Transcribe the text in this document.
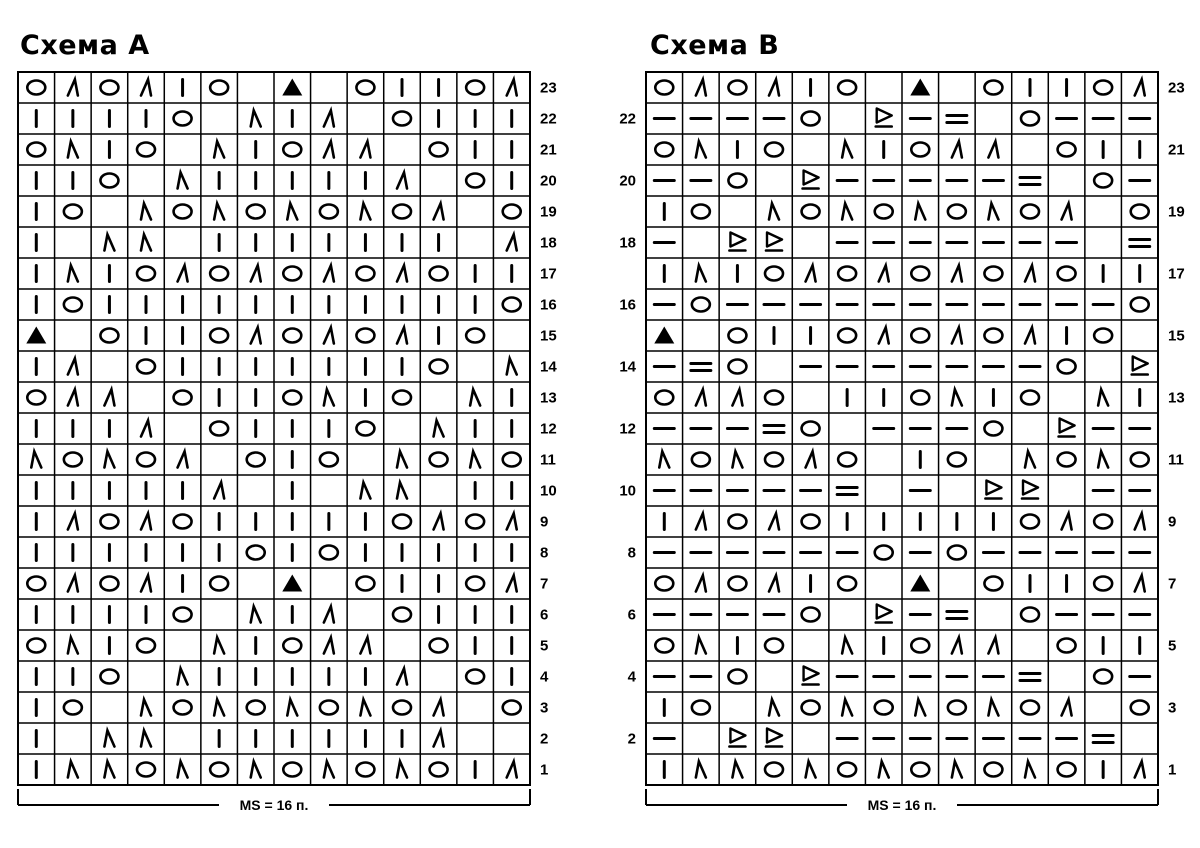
Схема А	Схема В
23
22
21
20
19
18
17
16
15
14
13
12
11
10
9
8
7
6
5
4
3
2
1
MS = 16 п.
23
21
19
17
15
13
11
9
7
5
3
1
22
20
18
16
14
12
10
8
6
4
2
MS = 16 п.
